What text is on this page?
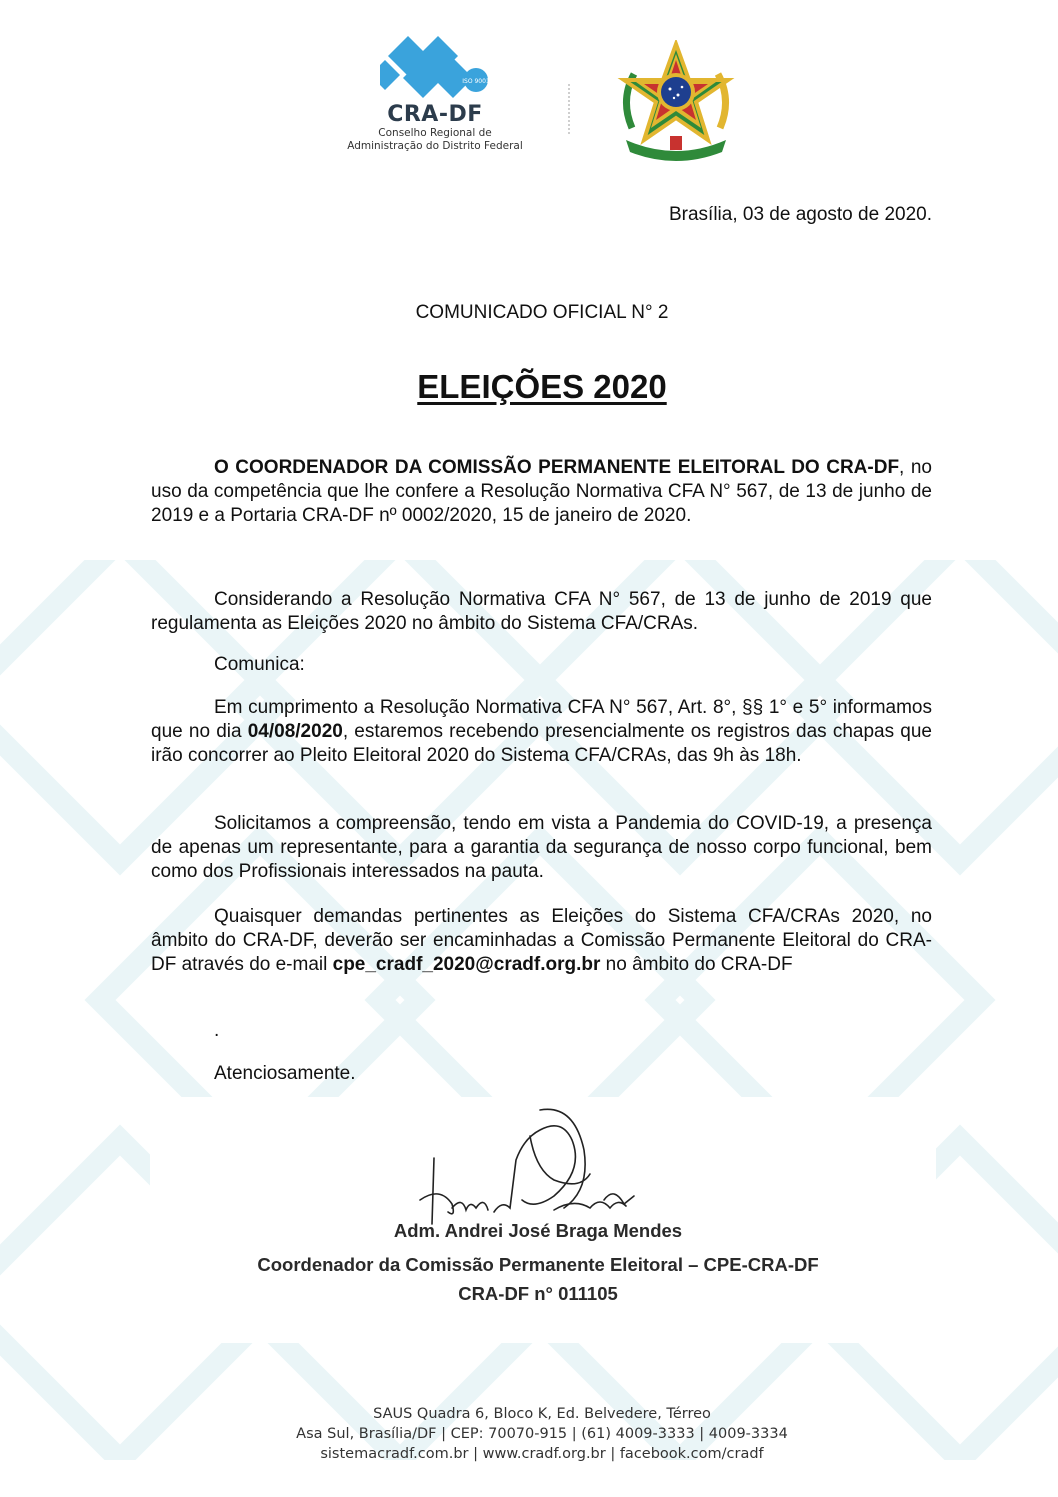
ISO 9001
CRA-DF
Conselho Regional de
Administração do Distrito Federal
Brasília, 03 de agosto de 2020.
COMUNICADO OFICIAL N° 2
ELEIÇÕES 2020
O COORDENADOR DA COMISSÃO PERMANENTE ELEITORAL DO CRA-DF, no uso da competência que lhe confere a Resolução Normativa CFA N° 567, de 13 de junho de 2019 e a Portaria CRA-DF nº 0002/2020, 15 de janeiro de 2020.
Considerando a Resolução Normativa CFA N° 567, de 13 de junho de 2019 que regulamenta as Eleições 2020 no âmbito do Sistema CFA/CRAs.
Comunica:
Em cumprimento a Resolução Normativa CFA N° 567, Art. 8°, §§ 1° e 5° informamos que no dia 04/08/2020, estaremos recebendo presencialmente os registros das chapas que irão concorrer ao Pleito Eleitoral 2020 do Sistema CFA/CRAs, das 9h às 18h.
Solicitamos a compreensão, tendo em vista a Pandemia do COVID-19, a presença de apenas um representante, para a garantia da segurança de nosso corpo funcional, bem como dos Profissionais interessados na pauta.
Quaisquer demandas pertinentes as Eleições do Sistema CFA/CRAs 2020, no âmbito do CRA-DF, deverão ser encaminhadas a Comissão Permanente Eleitoral do CRA-DF através do e-mail cpe_cradf_2020@cradf.org.br no âmbito do CRA-DF
.
Atenciosamente.
Adm. Andrei José Braga Mendes
Coordenador da Comissão Permanente Eleitoral – CPE-CRA-DF
CRA-DF n° 011105
SAUS Quadra 6, Bloco K, Ed. Belvedere, Térreo
Asa Sul, Brasília/DF | CEP: 70070-915 | (61) 4009-3333 | 4009-3334
sistemacradf.com.br | www.cradf.org.br | facebook.com/cradf
